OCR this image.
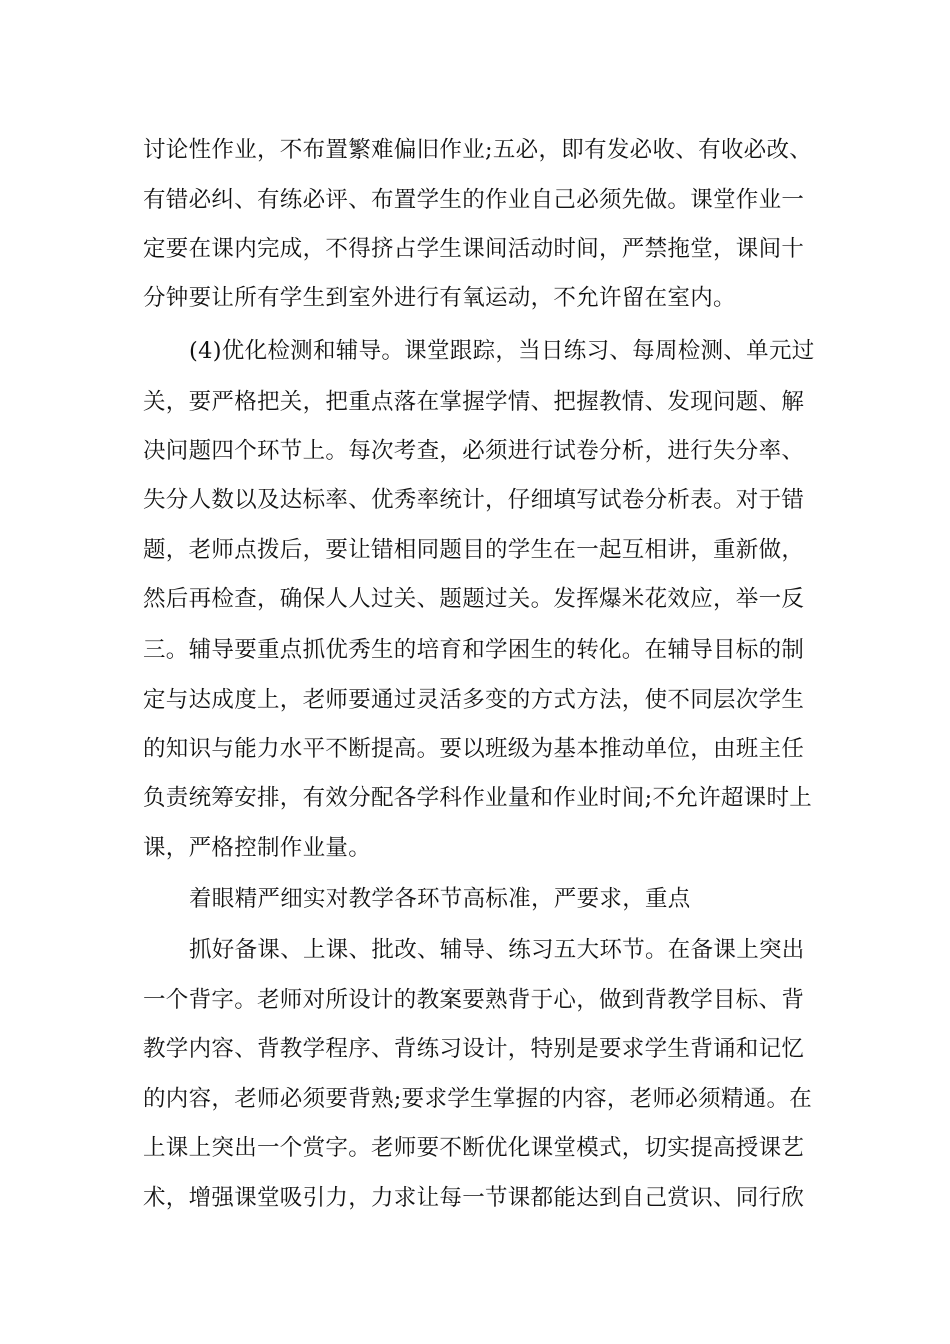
讨论性作业，不布置繁难偏旧作业;五必，即有发必收、有收必改、
有错必纠、有练必评、布置学生的作业自己必须先做。课堂作业一
定要在课内完成，不得挤占学生课间活动时间，严禁拖堂，课间十
分钟要让所有学生到室外进行有氧运动，不允许留在室内。
(4)优化检测和辅导。课堂跟踪，当日练习、每周检测、单元过
关，要严格把关，把重点落在掌握学情、把握教情、发现问题、解
决问题四个环节上。每次考查，必须进行试卷分析，进行失分率、
失分人数以及达标率、优秀率统计，仔细填写试卷分析表。对于错
题，老师点拨后，要让错相同题目的学生在一起互相讲，重新做，
然后再检查，确保人人过关、题题过关。发挥爆米花效应，举一反
三。辅导要重点抓优秀生的培育和学困生的转化。在辅导目标的制
定与达成度上，老师要通过灵活多变的方式方法，使不同层次学生
的知识与能力水平不断提高。要以班级为基本推动单位，由班主任
负责统筹安排，有效分配各学科作业量和作业时间;不允许超课时上
课，严格控制作业量。
着眼精严细实对教学各环节高标准，严要求，重点
抓好备课、上课、批改、辅导、练习五大环节。在备课上突出
一个背字。老师对所设计的教案要熟背于心，做到背教学目标、背
教学内容、背教学程序、背练习设计，特别是要求学生背诵和记忆
的内容，老师必须要背熟;要求学生掌握的内容，老师必须精通。在
上课上突出一个赏字。老师要不断优化课堂模式，切实提高授课艺
术，增强课堂吸引力，力求让每一节课都能达到自己赏识、同行欣
